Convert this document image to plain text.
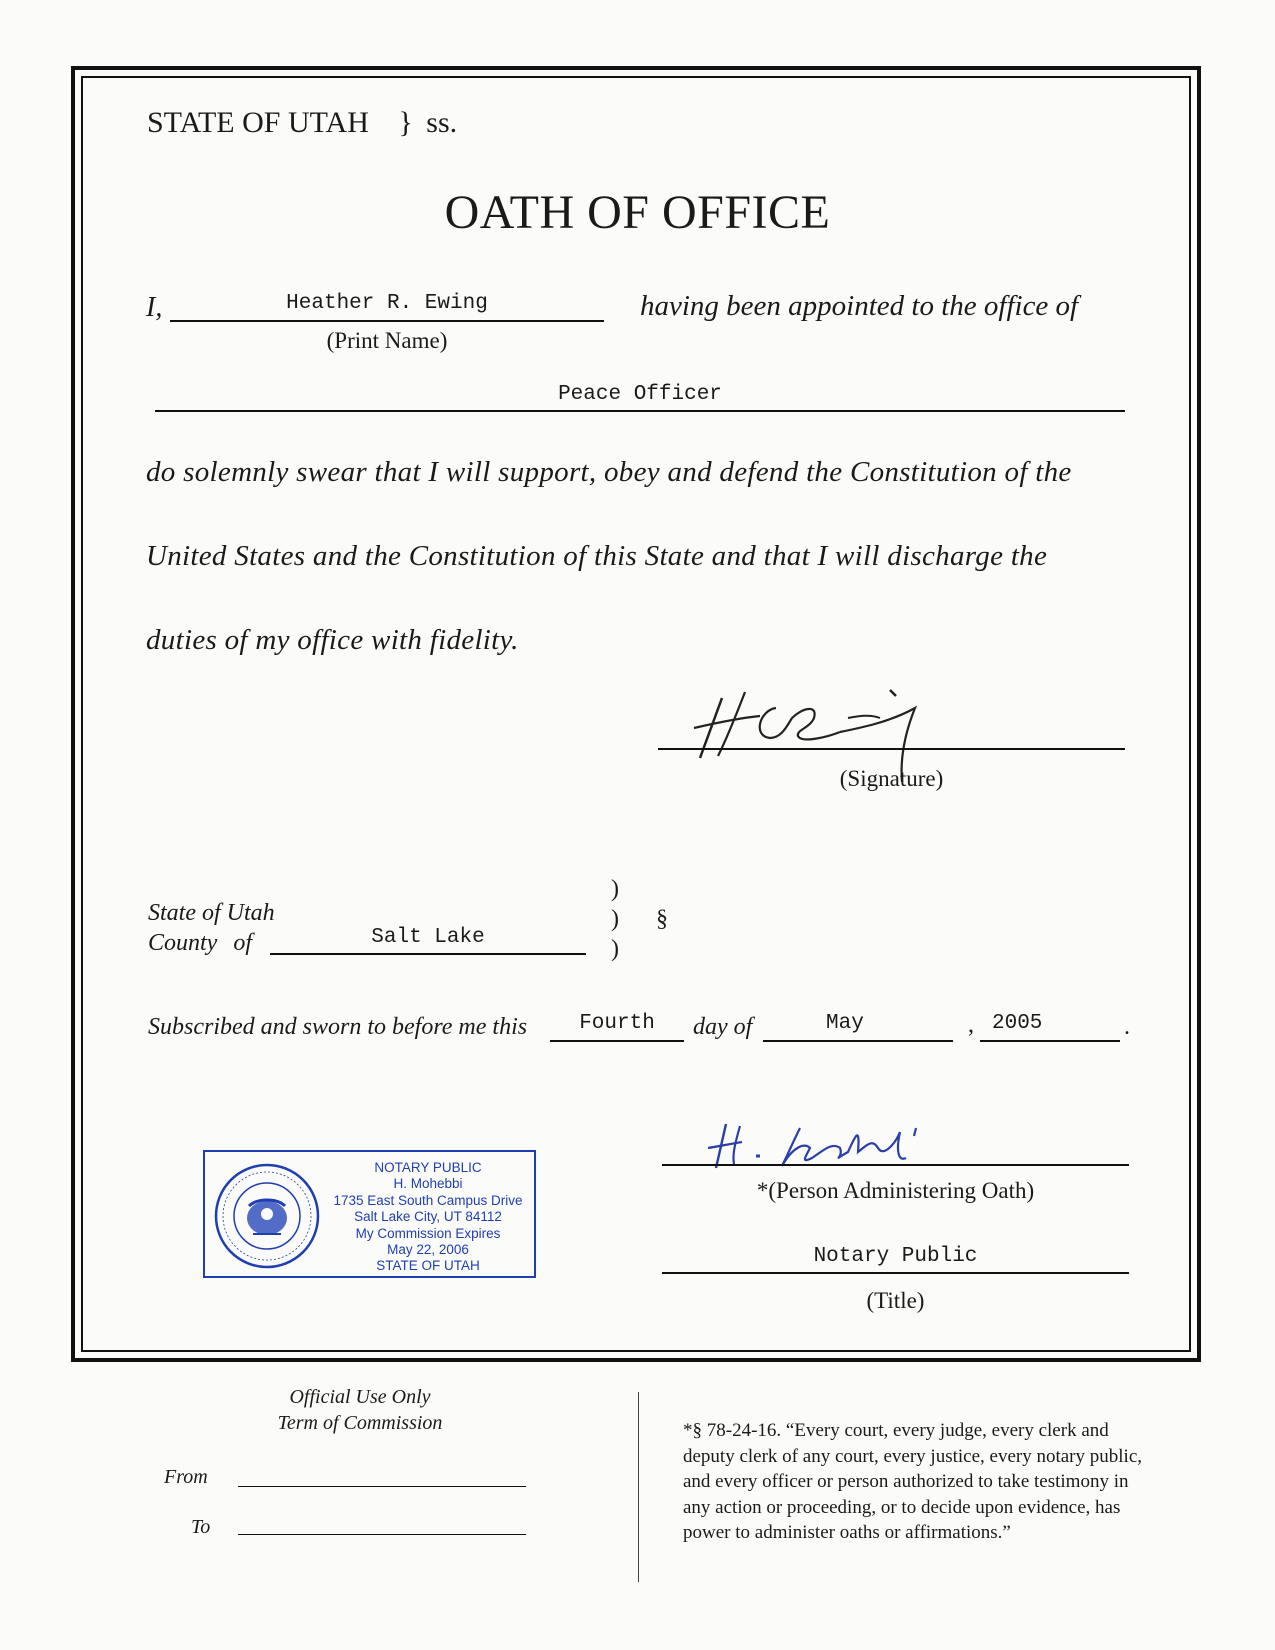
STATE OF UTAH } ss.
OATH OF OFFICE
I,	Heather R. Ewing
(Print Name)
having been appointed to the office of
Peace Officer
do solemnly swear that I will support, obey and defend the Constitution of the
United States and the Constitution of this State and that I will discharge the
duties of my office with fidelity.
(Signature)
State of Utah
County of	Salt Lake
)
)
)
§
Subscribed and sworn to before me this	Fourth	day of	May	, 2005	.
NOTARY PUBLIC
H. Mohebbi
1735 East South Campus Drive
Salt Lake City, UT 84112
My Commission Expires
May 22, 2006
STATE OF UTAH
*(Person Administering Oath)
Notary Public
(Title)
Official Use Only
Term of Commission
From
To
*§ 78-24-16. “Every court, every judge, every clerk and
deputy clerk of any court, every justice, every notary public,
and every officer or person authorized to take testimony in
any action or proceeding, or to decide upon evidence, has
power to administer oaths or affirmations.”
